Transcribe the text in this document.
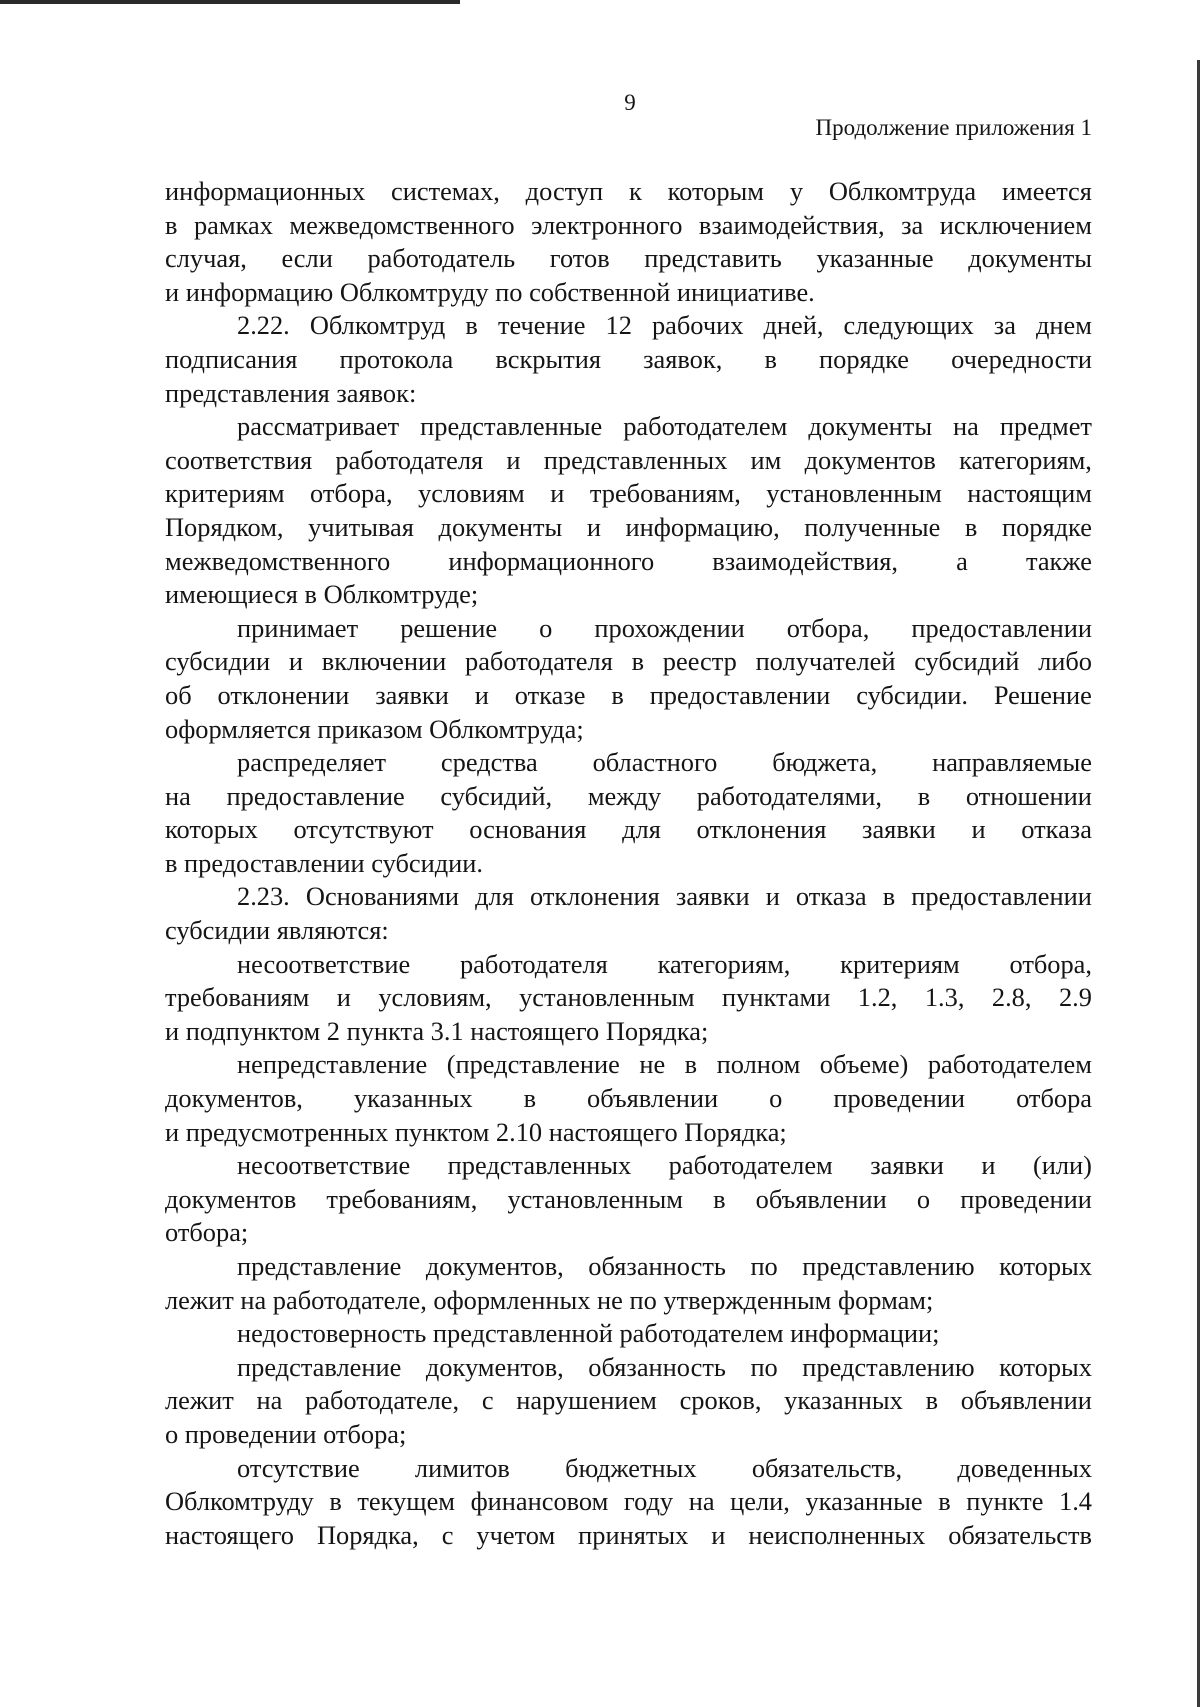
9
Продолжение приложения 1
информационных системах, доступ к которым у Облкомтруда имеется
в рамках межведомственного электронного взаимодействия, за исключением
случая, если работодатель готов представить указанные документы
и информацию Облкомтруду по собственной инициативе.
2.22. Облкомтруд в течение 12 рабочих дней, следующих за днем
подписания протокола вскрытия заявок, в порядке очередности
представления заявок:
рассматривает представленные работодателем документы на предмет
соответствия работодателя и представленных им документов категориям,
критериям отбора, условиям и требованиям, установленным настоящим
Порядком, учитывая документы и информацию, полученные в порядке
межведомственного информационного взаимодействия, а также
имеющиеся в Облкомтруде;
принимает решение о прохождении отбора, предоставлении
субсидии и включении работодателя в реестр получателей субсидий либо
об отклонении заявки и отказе в предоставлении субсидии. Решение
оформляется приказом Облкомтруда;
распределяет средства областного бюджета, направляемые
на предоставление субсидий, между работодателями, в отношении
которых отсутствуют основания для отклонения заявки и отказа
в предоставлении субсидии.
2.23. Основаниями для отклонения заявки и отказа в предоставлении
субсидии являются:
несоответствие работодателя категориям, критериям отбора,
требованиям и условиям, установленным пунктами 1.2, 1.3, 2.8, 2.9
и подпунктом 2 пункта 3.1 настоящего Порядка;
непредставление (представление не в полном объеме) работодателем
документов, указанных в объявлении о проведении отбора
и предусмотренных пунктом 2.10 настоящего Порядка;
несоответствие представленных работодателем заявки и (или)
документов требованиям, установленным в объявлении о проведении
отбора;
представление документов, обязанность по представлению которых
лежит на работодателе, оформленных не по утвержденным формам;
недостоверность представленной работодателем информации;
представление документов, обязанность по представлению которых
лежит на работодателе, с нарушением сроков, указанных в объявлении
о проведении отбора;
отсутствие лимитов бюджетных обязательств, доведенных
Облкомтруду в текущем финансовом году на цели, указанные в пункте 1.4
настоящего Порядка, с учетом принятых и неисполненных обязательств
